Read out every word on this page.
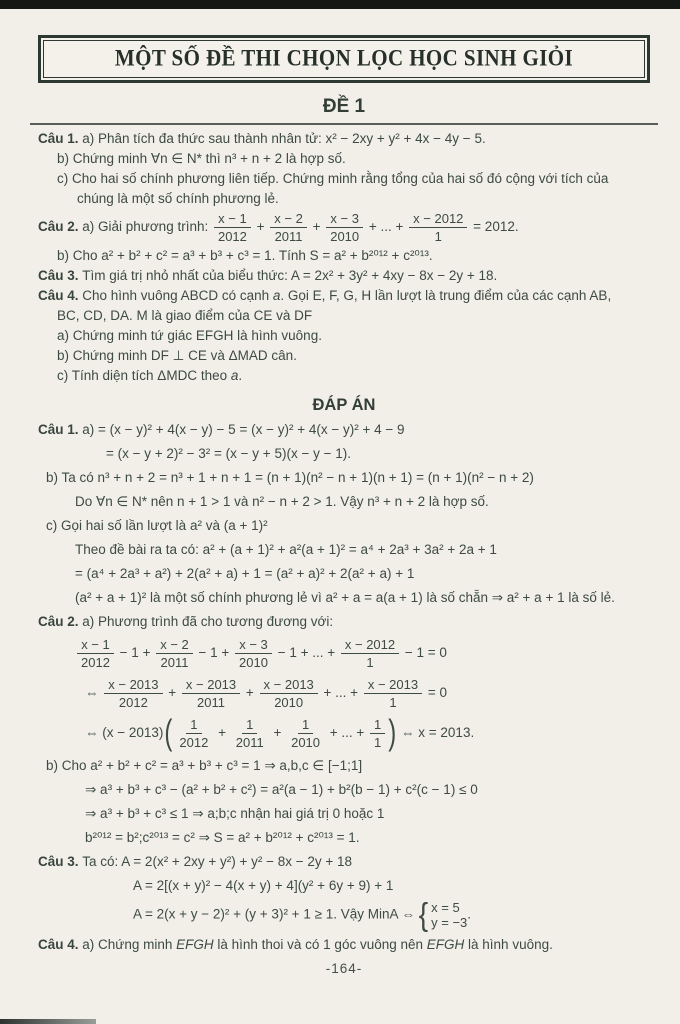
MỘT SỐ ĐỀ THI CHỌN LỌC HỌC SINH GIỎI
ĐỀ 1
Câu 1. a) Phân tích đa thức sau thành nhân tử: x² − 2xy + y² + 4x − 4y − 5.
b) Chứng minh ∀n ∈ N* thì n³ + n + 2 là hợp số.
c) Cho hai số chính phương liên tiếp. Chứng minh rằng tổng của hai số đó cộng với tích của
chúng là một số chính phương lẻ.
Câu 2. a) Giải phương trình: $\frac{x - 1}{2012} + \frac{x - 2}{2011} + \frac{x - 3}{2010}$ + ... + $\frac{x - 2012}{1} = 2012$.
b) Cho a² + b² + c² = a³ + b³ + c³ = 1. Tính S = a² + b²⁰¹² + c²⁰¹³.
Câu 3. Tìm giá trị nhỏ nhất của biểu thức: A = 2x² + 3y² + 4xy − 8x − 2y + 18.
Câu 4. Cho hình vuông ABCD có cạnh a. Gọi E, F, G, H lần lượt là trung điểm của các cạnh AB,
BC, CD, DA. M là giao điểm của CE và DF
a) Chứng minh tứ giác EFGH là hình vuông.
b) Chứng minh DF ⊥ CE và ΔMAD cân.
c) Tính diện tích ΔMDC theo a.
ĐÁP ÁN
Câu 1. a) = (x − y)² + 4(x − y) − 5 = (x − y)² + 4(x − y)² + 4 − 9
= (x − y + 2)² − 3² = (x − y + 5)(x − y − 1).
b) Ta có n³ + n + 2 = n³ + 1 + n + 1 = (n + 1)(n² − n + 1)(n + 1) = (n + 1)(n² − n + 2)
Do ∀n ∈ N* nên n + 1 > 1 và n² − n + 2 > 1. Vậy n³ + n + 2 là hợp số.
c) Gọi hai số lần lượt là a² và (a + 1)²
Theo đề bài ra ta có: a² + (a + 1)² + a²(a + 1)² = a⁴ + 2a³ + 3a² + 2a + 1
= (a⁴ + 2a³ + a²) + 2(a² + a) + 1 = (a² + a)² + 2(a² + a) + 1
(a² + a + 1)² là một số chính phương lẻ vì a² + a = a(a + 1) là số chẵn ⇒ a² + a + 1 là số lẻ.
Câu 2. a) Phương trình đã cho tương đương với:
$\frac{x - 1}{2012} - 1 + \frac{x - 2}{2011} - 1 + \frac{x - 3}{2010} - 1$ + ... + $\frac{x - 2012}{1} - 1 = 0$
⇔ $\frac{x - 2013}{2012} + \frac{x - 2013}{2011} + \frac{x - 2013}{2010}$ + ... + $\frac{x - 2013}{1} = 0$
⇔ $(x - 2013)( \frac{1}{2012} + \frac{1}{2011} + \frac{1}{2010}$ + ... + $\frac{1}{1}$ ) ⇔ x = 2013.
b) Cho a² + b² + c² = a³ + b³ + c³ = 1 ⇒ a,b,c ∈ [−1;1]
⇒ a³ + b³ + c³ − (a² + b² + c²) = a²(a − 1) + b²(b − 1) + c²(c − 1) ≤ 0
⇒ a³ + b³ + c³ ≤ 1 ⇒ a;b;c nhận hai giá trị 0 hoặc 1
b²⁰¹² = b²;c²⁰¹³ = c² ⇒ S = a² + b²⁰¹² + c²⁰¹³ = 1.
Câu 3. Ta có: A = 2(x² + 2xy + y²) + y² − 8x − 2y + 18
A = 2[(x + y)² − 4(x + y) + 4](y² + 6y + 9) + 1
A = 2(x + y − 2)² + (y + 3)² + 1 ≥ 1. Vậy MinA ⇔ { x = 5
y = −3
.
Câu 4. a) Chứng minh EFGH là hình thoi và có 1 góc vuông nên EFGH là hình vuông.
-164-
